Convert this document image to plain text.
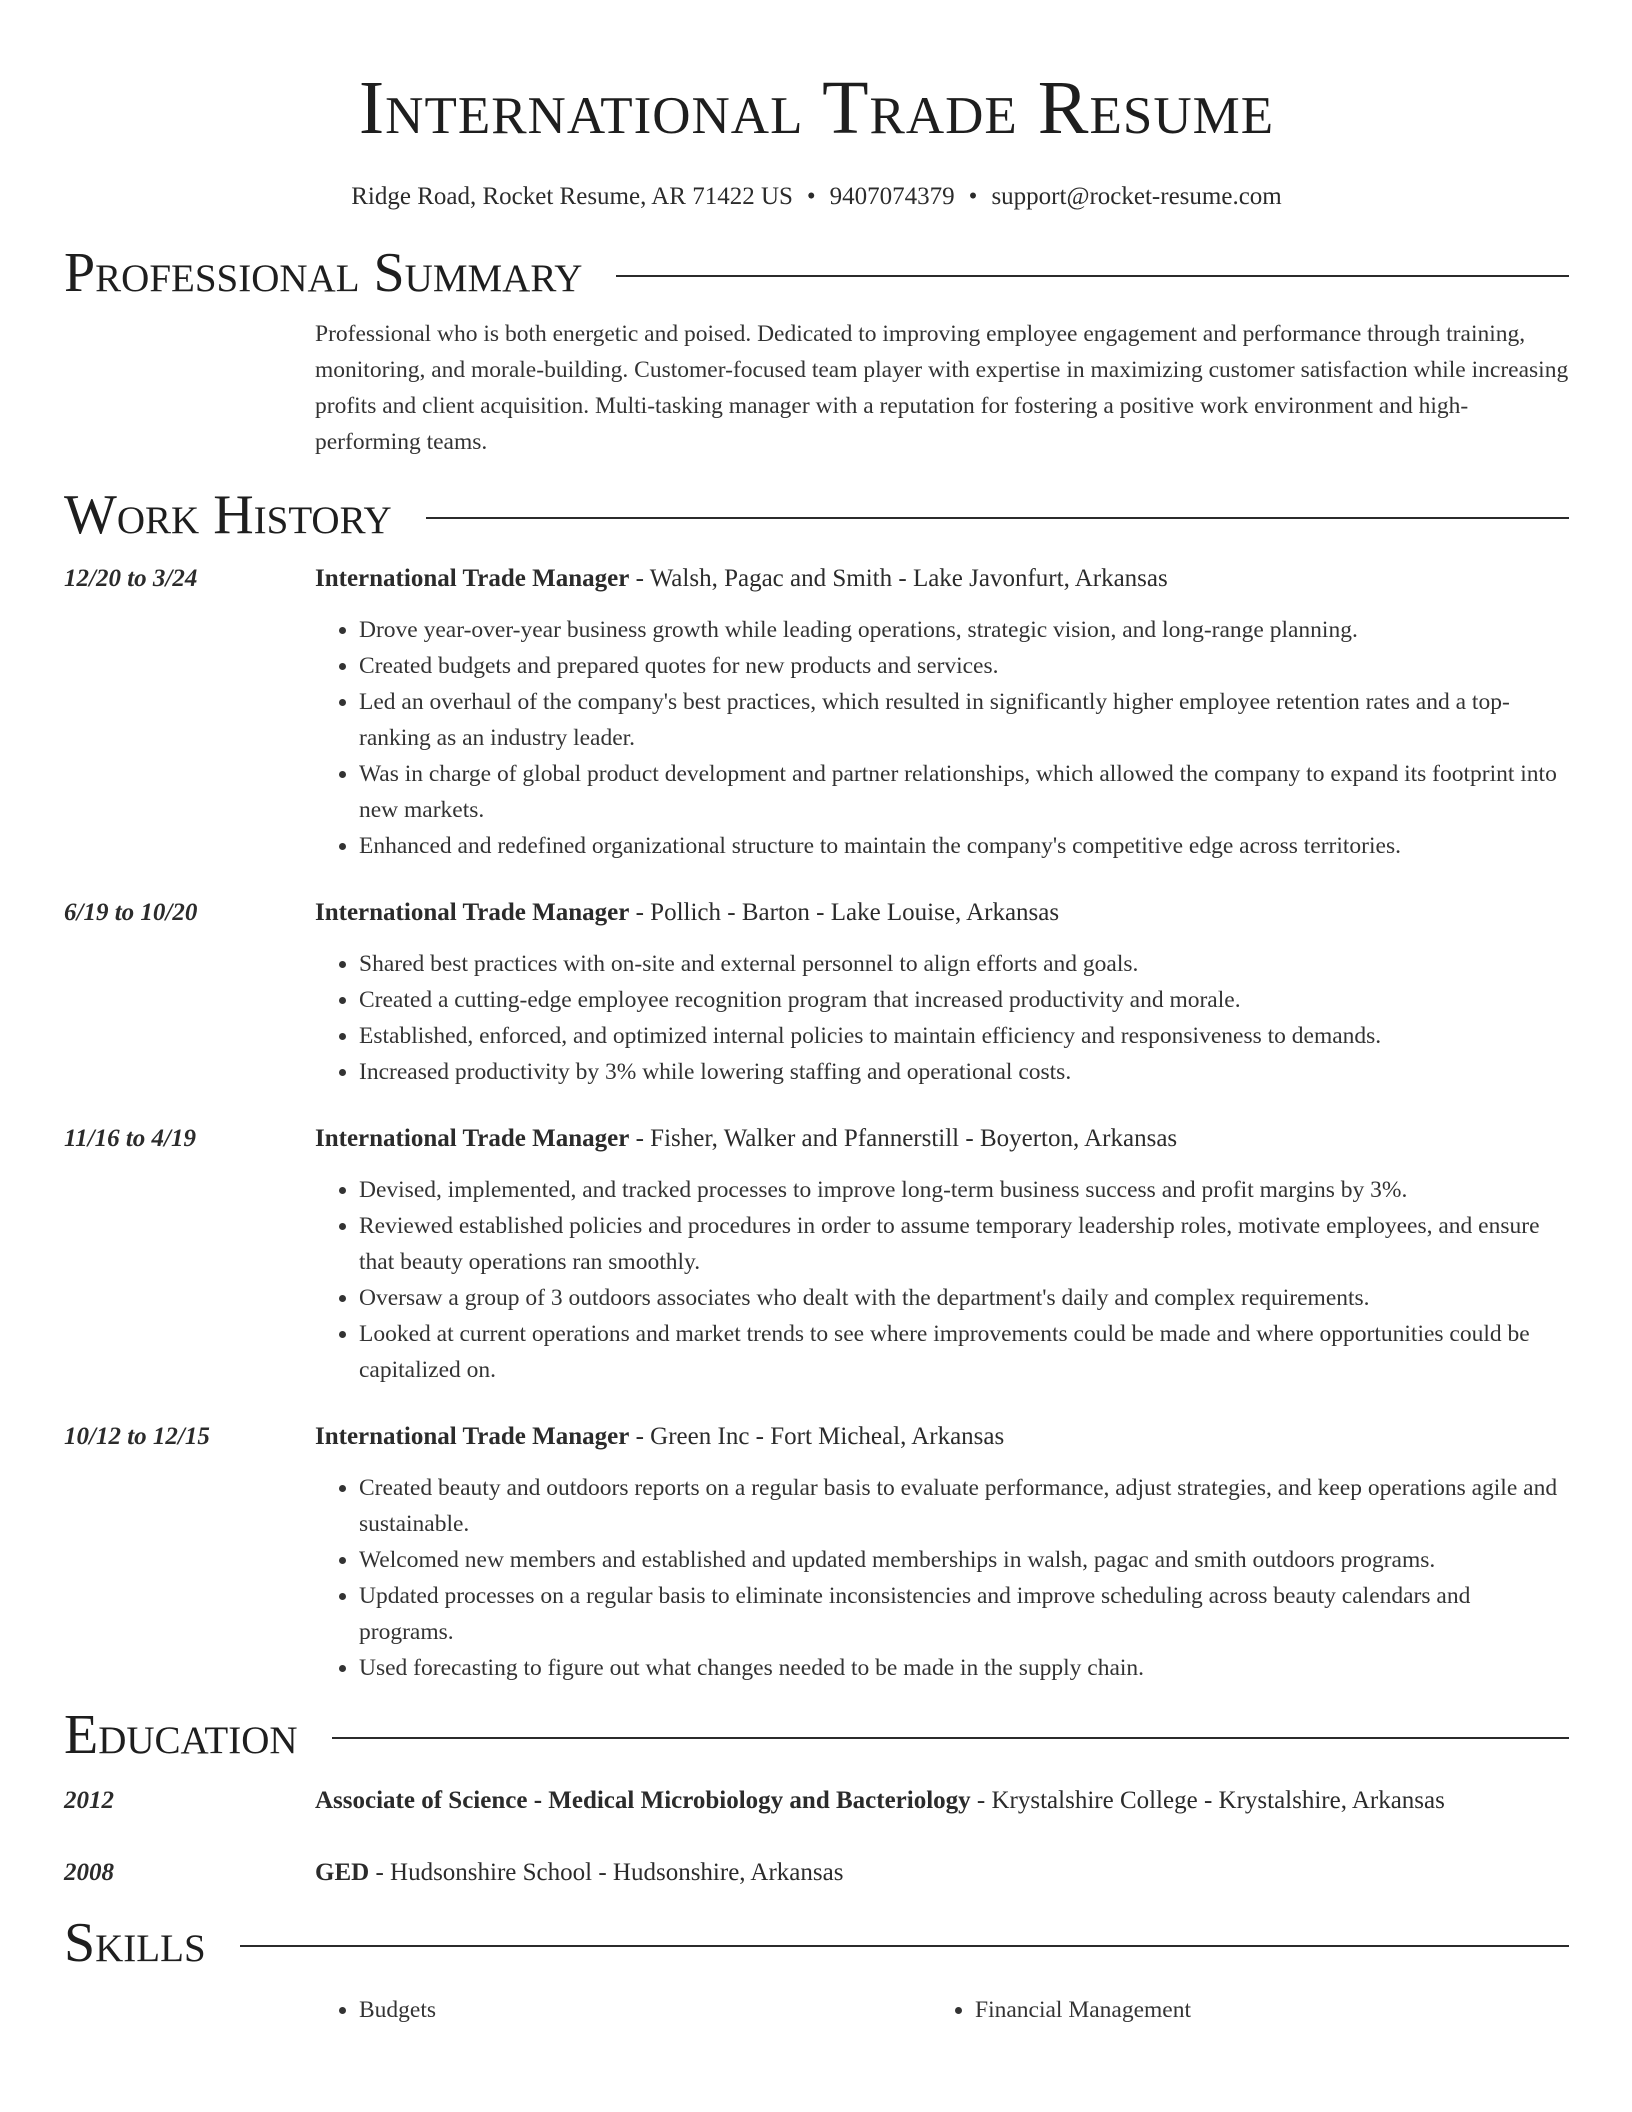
International Trade Resume
Ridge Road, Rocket Resume, AR 71422 US • 9407074379 • support@rocket-resume.com
Professional Summary
Professional who is both energetic and poised. Dedicated to improving employee engagement and performance through training, monitoring, and morale-building. Customer-focused team player with expertise in maximizing customer satisfaction while increasing profits and client acquisition. Multi-tasking manager with a reputation for fostering a positive work environment and high-performing teams.
Work History
12/20 to 3/24	International Trade Manager - Walsh, Pagac and Smith - Lake Javonfurt, Arkansas
• Drove year-over-year business growth while leading operations, strategic vision, and long-range planning.
• Created budgets and prepared quotes for new products and services.
• Led an overhaul of the company's best practices, which resulted in significantly higher employee retention rates and a top-ranking as an industry leader.
• Was in charge of global product development and partner relationships, which allowed the company to expand its footprint into new markets.
• Enhanced and redefined organizational structure to maintain the company's competitive edge across territories.
6/19 to 10/20	International Trade Manager - Pollich - Barton - Lake Louise, Arkansas
• Shared best practices with on-site and external personnel to align efforts and goals.
• Created a cutting-edge employee recognition program that increased productivity and morale.
• Established, enforced, and optimized internal policies to maintain efficiency and responsiveness to demands.
• Increased productivity by 3% while lowering staffing and operational costs.
11/16 to 4/19	International Trade Manager - Fisher, Walker and Pfannerstill - Boyerton, Arkansas
• Devised, implemented, and tracked processes to improve long-term business success and profit margins by 3%.
• Reviewed established policies and procedures in order to assume temporary leadership roles, motivate employees, and ensure that beauty operations ran smoothly.
• Oversaw a group of 3 outdoors associates who dealt with the department's daily and complex requirements.
• Looked at current operations and market trends to see where improvements could be made and where opportunities could be capitalized on.
10/12 to 12/15	International Trade Manager - Green Inc - Fort Micheal, Arkansas
• Created beauty and outdoors reports on a regular basis to evaluate performance, adjust strategies, and keep operations agile and sustainable.
• Welcomed new members and established and updated memberships in walsh, pagac and smith outdoors programs.
• Updated processes on a regular basis to eliminate inconsistencies and improve scheduling across beauty calendars and programs.
• Used forecasting to figure out what changes needed to be made in the supply chain.
Education
2012	Associate of Science - Medical Microbiology and Bacteriology - Krystalshire College - Krystalshire, Arkansas
2008	GED - Hudsonshire School - Hudsonshire, Arkansas
Skills
• Budgets
•	Financial Management
